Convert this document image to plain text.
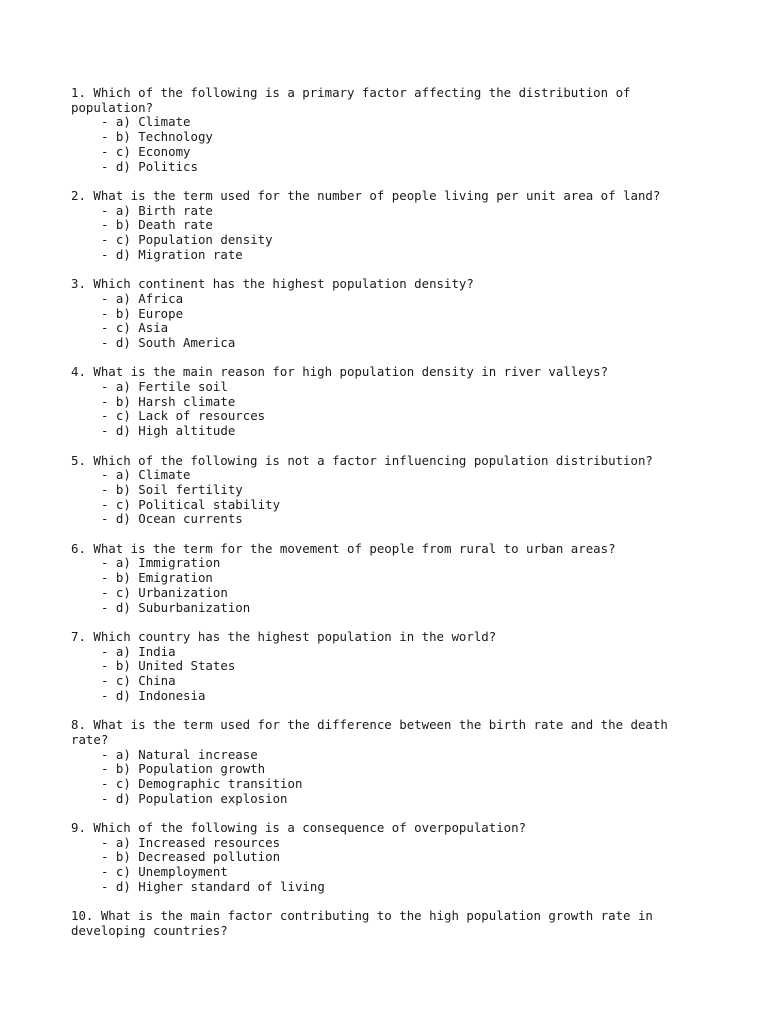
1. Which of the following is a primary factor affecting the distribution of population?
- a) Climate
- b) Technology
- c) Economy
- d) Politics
2. What is the term used for the number of people living per unit area of land?
- a) Birth rate
- b) Death rate
- c) Population density
- d) Migration rate
3. Which continent has the highest population density?
- a) Africa
- b) Europe
- c) Asia
- d) South America
4. What is the main reason for high population density in river valleys?
- a) Fertile soil
- b) Harsh climate
- c) Lack of resources
- d) High altitude
5. Which of the following is not a factor influencing population distribution?
- a) Climate
- b) Soil fertility
- c) Political stability
- d) Ocean currents
6. What is the term for the movement of people from rural to urban areas?
- a) Immigration
- b) Emigration
- c) Urbanization
- d) Suburbanization
7. Which country has the highest population in the world?
- a) India
- b) United States
- c) China
- d) Indonesia
8. What is the term used for the difference between the birth rate and the death rate?
- a) Natural increase
- b) Population growth
- c) Demographic transition
- d) Population explosion
9. Which of the following is a consequence of overpopulation?
- a) Increased resources
- b) Decreased pollution
- c) Unemployment
- d) Higher standard of living
10. What is the main factor contributing to the high population growth rate in developing countries?
